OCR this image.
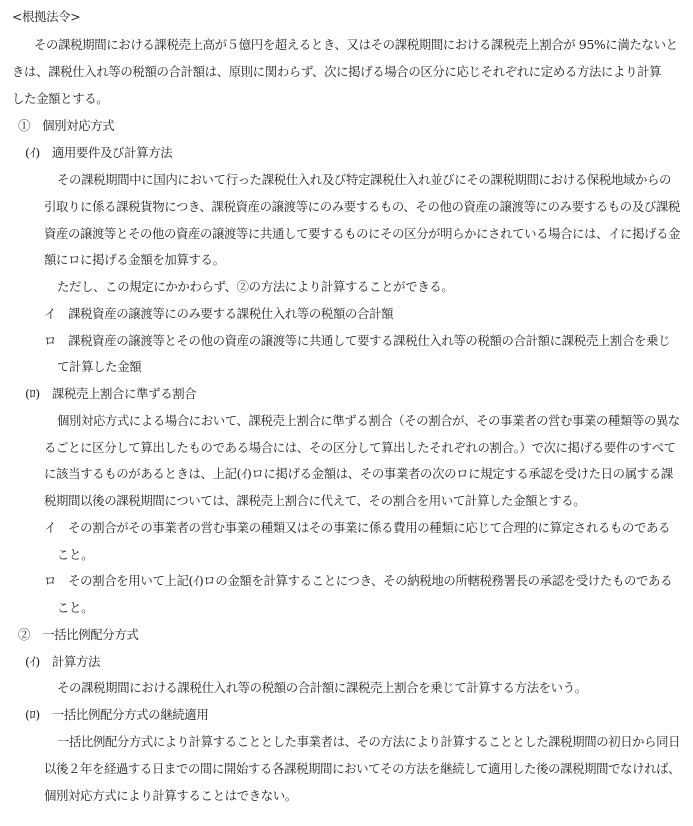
<根拠法令>
その課税期間における課税売上高が５億円を超えるとき、又はその課税期間における課税売上割合が 95%に満たないと
きは、課税仕入れ等の税額の合計額は、原則に関わらず、次に掲げる場合の区分に応じそれぞれに定める方法により計算
した金額とする。
①　個別対応方式
(ｲ)　適用要件及び計算方法
その課税期間中に国内において行った課税仕入れ及び特定課税仕入れ並びにその課税期間における保税地域からの
引取りに係る課税貨物につき、課税資産の譲渡等にのみ要するもの、その他の資産の譲渡等にのみ要するもの及び課税
資産の譲渡等とその他の資産の譲渡等に共通して要するものにその区分が明らかにされている場合には、イに掲げる金
額にロに掲げる金額を加算する。
ただし、この規定にかかわらず、②の方法により計算することができる。
イ　課税資産の譲渡等にのみ要する課税仕入れ等の税額の合計額
ロ　課税資産の譲渡等とその他の資産の譲渡等に共通して要する課税仕入れ等の税額の合計額に課税売上割合を乗じ
て計算した金額
(ﾛ)　課税売上割合に準ずる割合
個別対応方式による場合において、課税売上割合に準ずる割合（その割合が、その事業者の営む事業の種類等の異な
るごとに区分して算出したものである場合には、その区分して算出したそれぞれの割合。）で次に掲げる要件のすべて
に該当するものがあるときは、上記(ｲ)ロに掲げる金額は、その事業者の次のロに規定する承認を受けた日の属する課
税期間以後の課税期間については、課税売上割合に代えて、その割合を用いて計算した金額とする。
イ　その割合がその事業者の営む事業の種類又はその事業に係る費用の種類に応じて合理的に算定されるものである
こと。
ロ　その割合を用いて上記(ｲ)ロの金額を計算することにつき、その納税地の所轄税務署長の承認を受けたものである
こと。
②　一括比例配分方式
(ｲ)　計算方法
その課税期間における課税仕入れ等の税額の合計額に課税売上割合を乗じて計算する方法をいう。
(ﾛ)　一括比例配分方式の継続適用
一括比例配分方式により計算することとした事業者は、その方法により計算することとした課税期間の初日から同日
以後２年を経過する日までの間に開始する各課税期間においてその方法を継続して適用した後の課税期間でなければ、
個別対応方式により計算することはできない。
